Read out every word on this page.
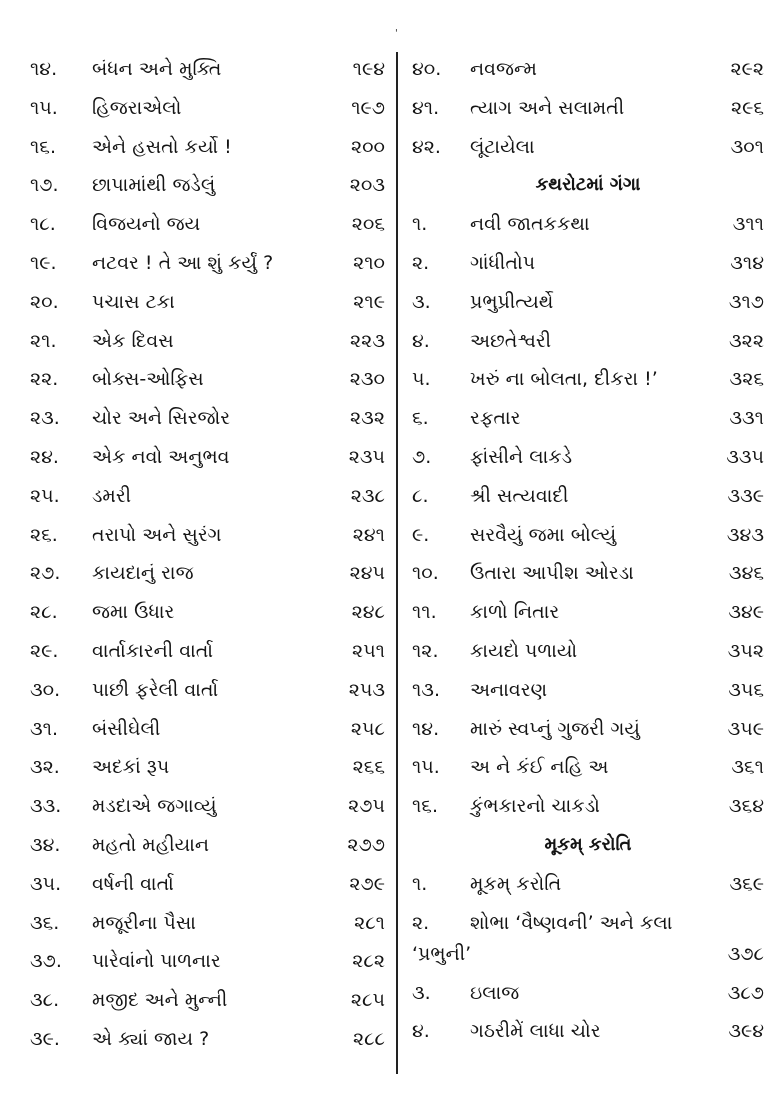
'
૧૪. બંધન અને મુક્તિ	૧૯૪
૧૫. હિજરાએલો	૧૯૭
૧૬. એને હસતો કર્યો !	૨૦૦
૧૭. છાપામાંથી જડેલું	૨૦૩
૧૮. વિજયનો જય	૨૦૬
૧૯. નટવર ! તે આ શું કર્યું ?	૨૧૦
૨૦. પચાસ ટકા	૨૧૯
૨૧. એક દિવસ	૨૨૩
૨૨. બોક્સ-ઓફિસ	૨૩૦
૨૩. ચોર અને સિરજોર	૨૩૨
૨૪. એક નવો અનુભવ	૨૩૫
૨૫. ડમરી	૨૩૮
૨૬. તરાપો અને સુરંગ	૨૪૧
૨૭. કાયદાનું રાજ	૨૪૫
૨૮. જમા ઉધાર	૨૪૮
૨૯. વાર્તાકારની વાર્તા	૨૫૧
૩૦. પાછી ફરેલી વાર્તા	૨૫૩
૩૧. બંસીઘેલી	૨૫૮
૩૨. અદકાં રૂપ	૨૬૬
૩૩. મડદાએ જગાવ્યું	૨૭૫
૩૪. મહતો મહીયાન	૨૭૭
૩૫. વર્ષની વાર્તા	૨૭૯
૩૬. મજૂરીના પૈસા	૨૮૧
૩૭. પારેવાંનો પાળનાર	૨૮૨
૩૮. મજીદ અને મુન્ની	૨૮૫
૩૯. એ ક્યાં જાય ?	૨૮૮
૪૦. નવજન્મ	૨૯૨
૪૧. ત્યાગ અને સલામતી	૨૯૬
૪૨. લૂંટાયેલા	૩૦૧
કથરોટમાં ગંગા
૧. નવી જાતકકથા	૩૧૧
૨. ગાંધીતોપ	૩૧૪
૩. પ્રભુપ્રીત્યર્થે	૩૧૭
૪. અછતેશ્વરી	૩૨૨
૫. ખરું ના બોલતા, દીકરા !’	૩૨૬
૬. રફતાર	૩૩૧
૭. ફાંસીને લાકડે	૩૩૫
૮. શ્રી સત્યવાદી	૩૩૯
૯. સરવૈયું જમા બોલ્યું	૩૪૩
૧૦. ઉતારા આપીશ ઓરડા	૩૪૬
૧૧. કાળો નિતાર	૩૪૯
૧૨. કાયદો પળાયો	૩૫૨
૧૩. અનાવરણ	૩૫૬
૧૪. મારું સ્વપ્નું ગુજરી ગયું	૩૫૯
૧૫. અ ને કંઈ નહિ અ	૩૬૧
૧૬. કુંભકારનો ચાકડો	૩૬૪
મૂકમ્ કરોતિ
૧. મૂકમ્ કરોતિ	૩૬૯
૨. શોભા ‘વૈષ્ણવની’ અને કલા
‘પ્રભુની’	૩૭૮
૩. ઇલાજ	૩૮૭
૪. ગઠરીમેં લાધા ચોર	૩૯૪
